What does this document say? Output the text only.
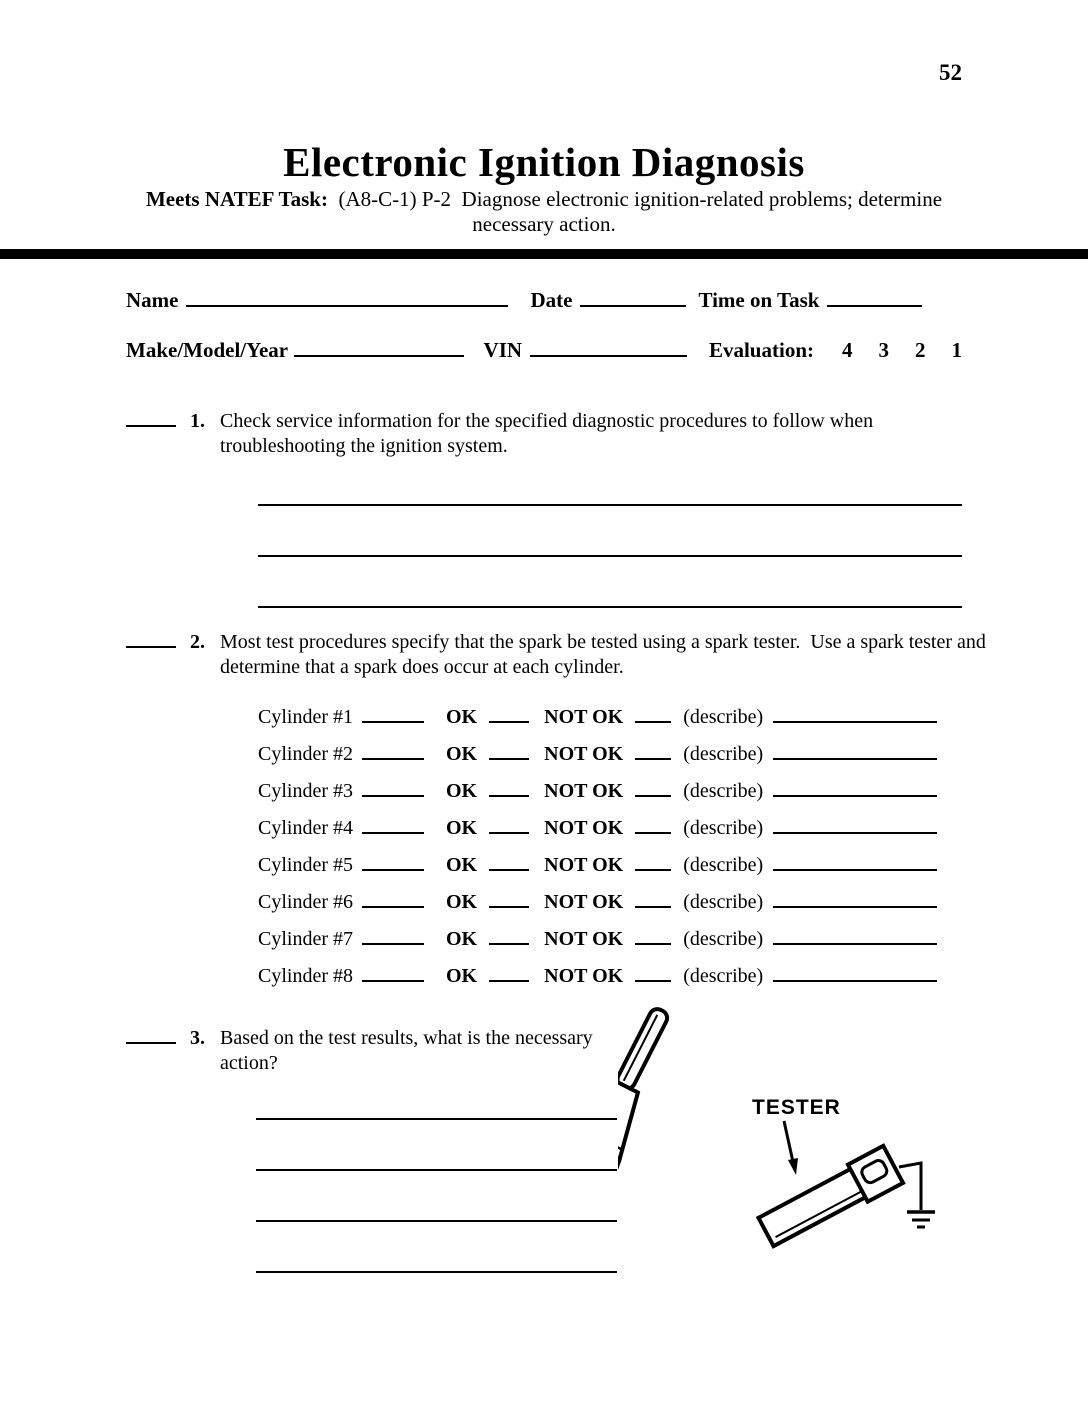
52
Electronic Ignition Diagnosis
Meets NATEF Task: (A8-C-1) P-2  Diagnose electronic ignition-related problems; determine
necessary action.
Name	Date	Time on Task
Make/Model/Year	VIN	Evaluation: 4 3 2 1
1. Check service information for the specified diagnostic procedures to follow when troubleshooting the ignition system.
2. Most test procedures specify that the spark be tested using a spark tester.  Use a spark tester and determine that a spark does occur at each cylinder.
Cylinder #1	OK	NOT OK	(describe)
Cylinder #2	OK	NOT OK	(describe)
Cylinder #3	OK	NOT OK	(describe)
Cylinder #4	OK	NOT OK	(describe)
Cylinder #5	OK	NOT OK	(describe)
Cylinder #6	OK	NOT OK	(describe)
Cylinder #7	OK	NOT OK	(describe)
Cylinder #8	OK	NOT OK	(describe)
3. Based on the test results, what is the necessary action?
TESTER
